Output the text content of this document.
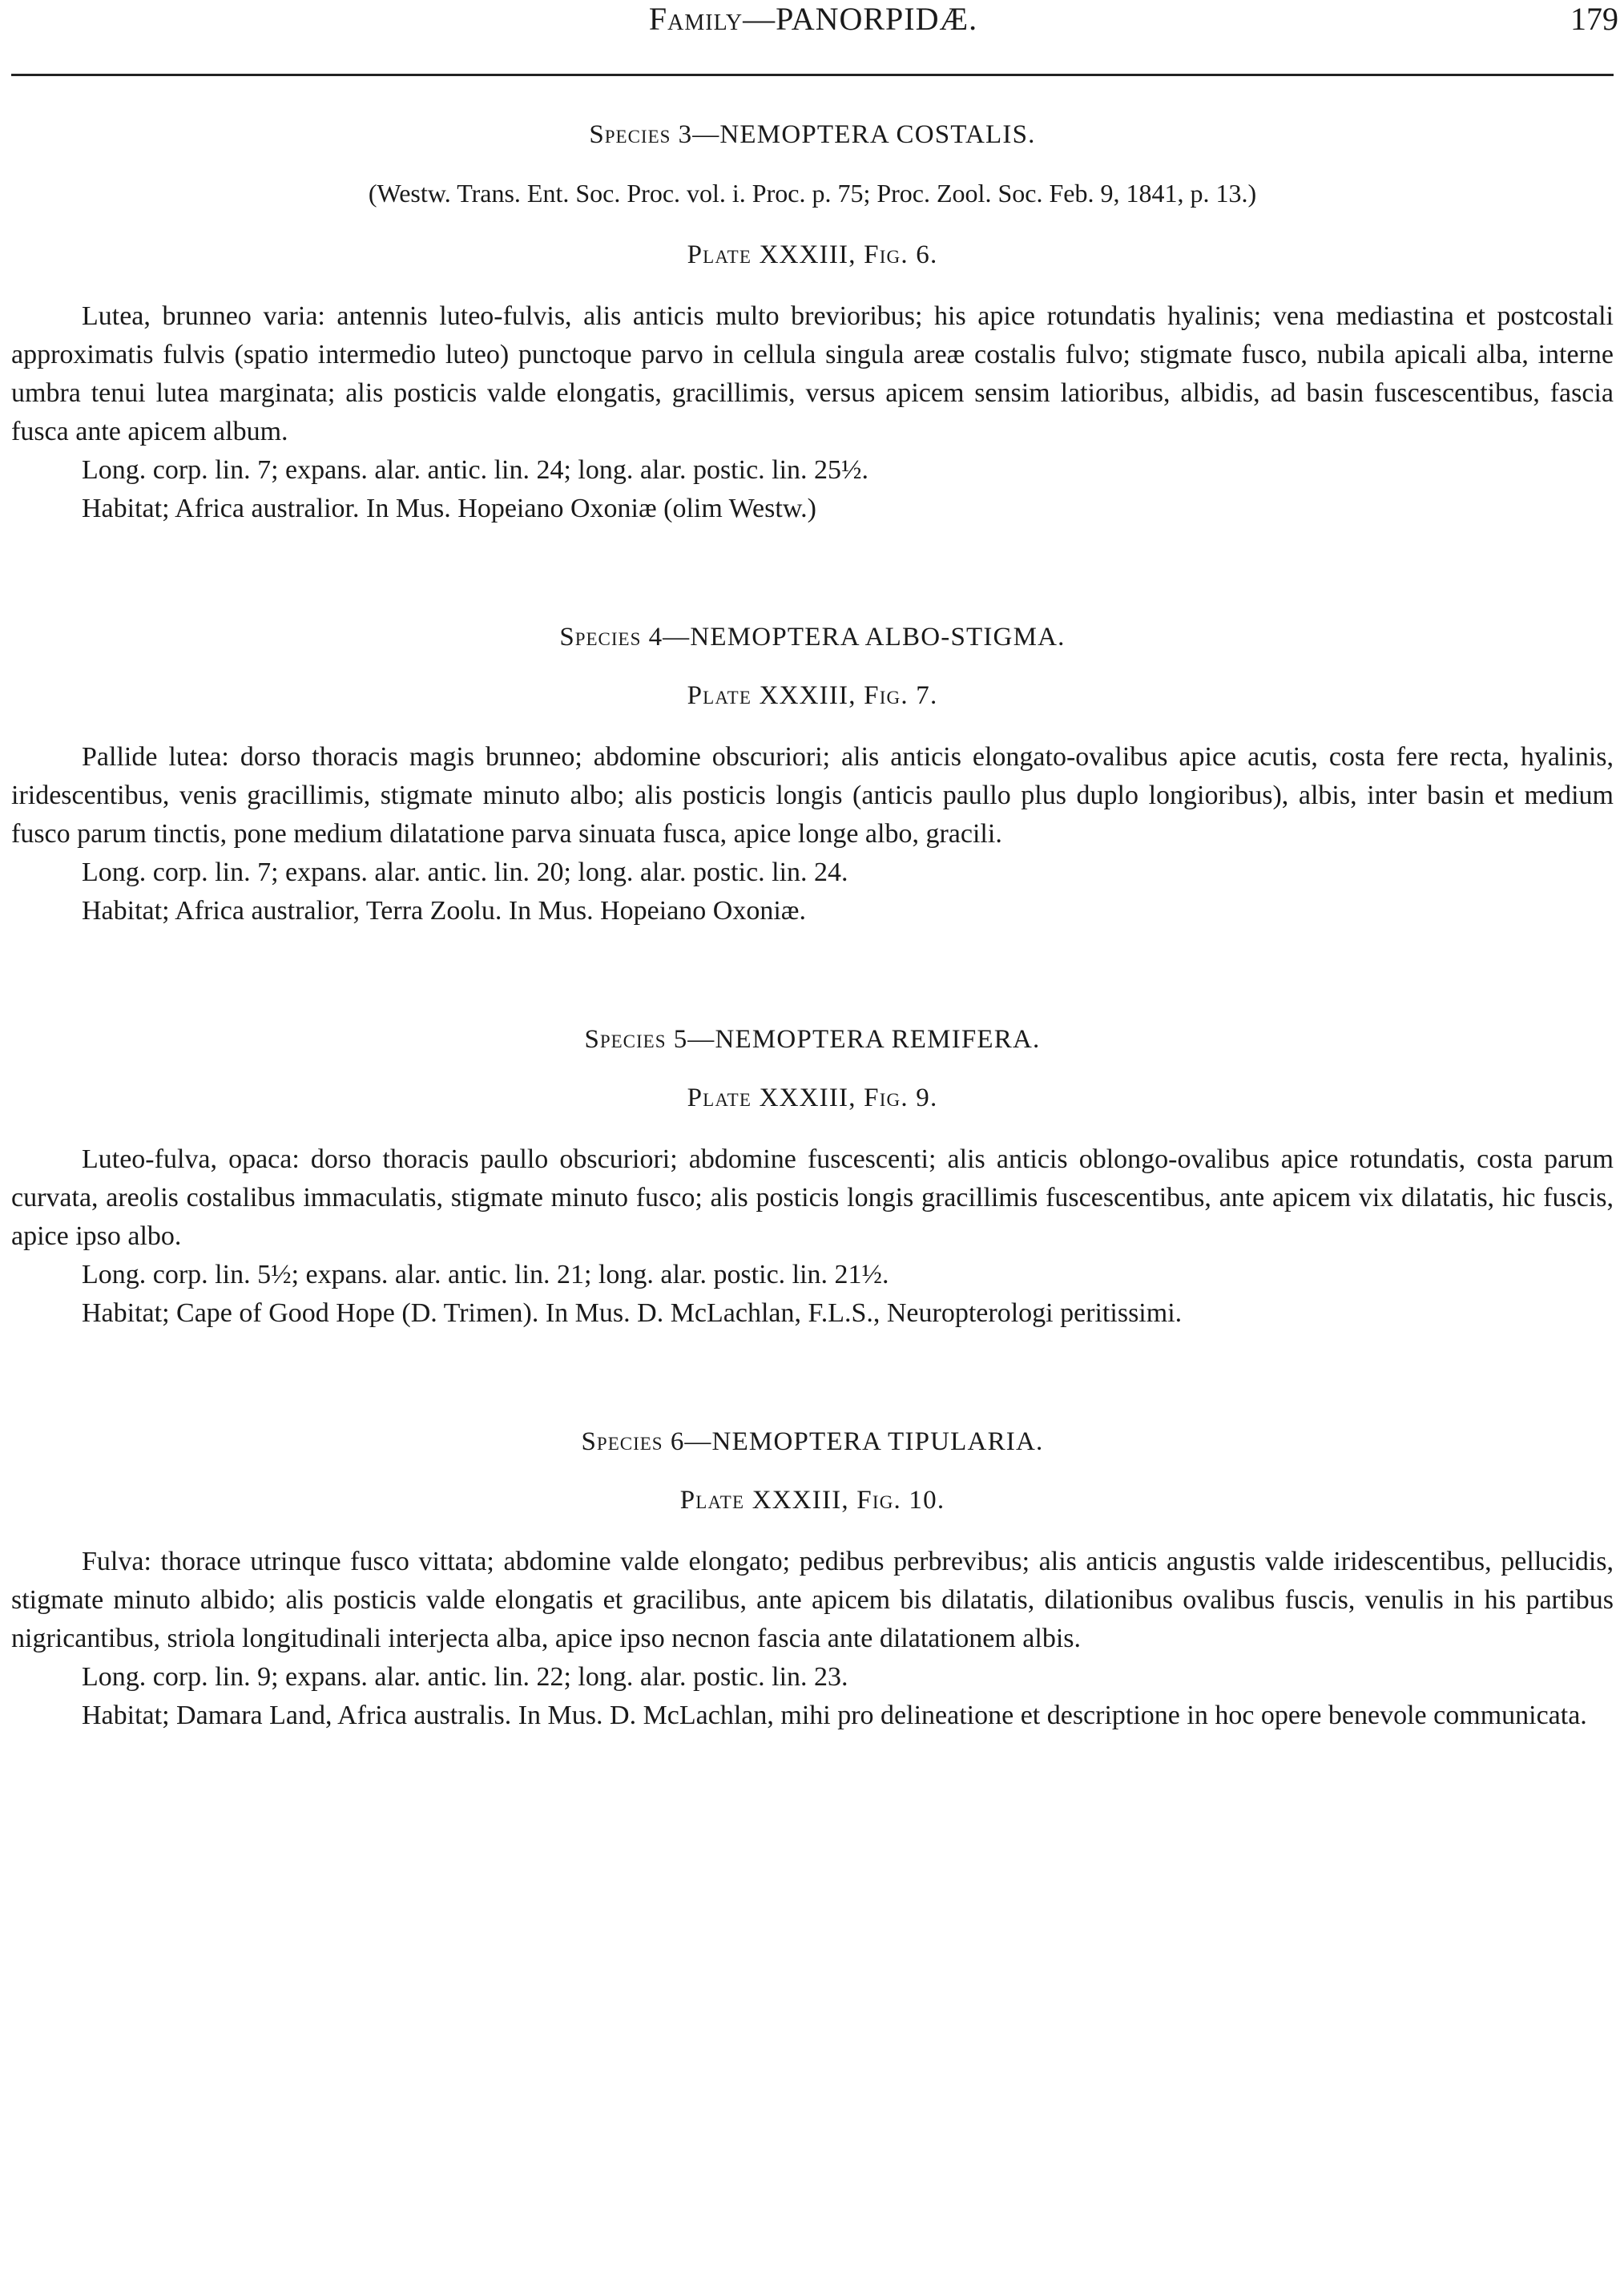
Family—PANORPIDÆ.	179
Species 3—NEMOPTERA COSTALIS.
(Westw. Trans. Ent. Soc. Proc. vol. i. Proc. p. 75; Proc. Zool. Soc. Feb. 9, 1841, p. 13.)
Plate XXXIII, Fig. 6.

Lutea, brunneo varia: antennis luteo-fulvis, alis anticis multo brevioribus; his apice rotundatis hyalinis; vena mediastina et postcostali approximatis fulvis (spatio intermedio luteo) punctoque parvo in cellula singula areæ costalis fulvo; stigmate fusco, nubila apicali alba, interne umbra tenui lutea marginata; alis posticis valde elongatis, gracillimis, versus apicem sensim latioribus, albidis, ad basin fuscescentibus, fascia fusca ante apicem album.

Long. corp. lin. 7; expans. alar. antic. lin. 24; long. alar. postic. lin. 25½.

Habitat; Africa australior. In Mus. Hopeiano Oxoniæ (olim Westw.)

Species 4—NEMOPTERA ALBO-STIGMA.
Plate XXXIII, Fig. 7.

Pallide lutea: dorso thoracis magis brunneo; abdomine obscuriori; alis anticis elongato-ovalibus apice acutis, costa fere recta, hyalinis, iridescentibus, venis gracillimis, stigmate minuto albo; alis posticis longis (anticis paullo plus duplo longioribus), albis, inter basin et medium fusco parum tinctis, pone medium dilatatione parva sinuata fusca, apice longe albo, gracili.

Long. corp. lin. 7; expans. alar. antic. lin. 20; long. alar. postic. lin. 24.

Habitat; Africa australior, Terra Zoolu. In Mus. Hopeiano Oxoniæ.

Species 5—NEMOPTERA REMIFERA.
Plate XXXIII, Fig. 9.

Luteo-fulva, opaca: dorso thoracis paullo obscuriori; abdomine fuscescenti; alis anticis oblongo-ovalibus apice rotundatis, costa parum curvata, areolis costalibus immaculatis, stigmate minuto fusco; alis posticis longis gracillimis fuscescentibus, ante apicem vix dilatatis, hic fuscis, apice ipso albo.

Long. corp. lin. 5½; expans. alar. antic. lin. 21; long. alar. postic. lin. 21½.

Habitat; Cape of Good Hope (D. Trimen). In Mus. D. McLachlan, F.L.S., Neuropterologi peritissimi.

Species 6—NEMOPTERA TIPULARIA.
Plate XXXIII, Fig. 10.

Fulva: thorace utrinque fusco vittata; abdomine valde elongato; pedibus perbrevibus; alis anticis angustis valde iridescentibus, pellucidis, stigmate minuto albido; alis posticis valde elongatis et gracilibus, ante apicem bis dilatatis, dilationibus ovalibus fuscis, venulis in his partibus nigricantibus, striola longitudinali interjecta alba, apice ipso necnon fascia ante dilatationem albis.

Long. corp. lin. 9; expans. alar. antic. lin. 22; long. alar. postic. lin. 23.

Habitat; Damara Land, Africa australis. In Mus. D. McLachlan, mihi pro delineatione et descriptione in hoc opere benevole communicata.
